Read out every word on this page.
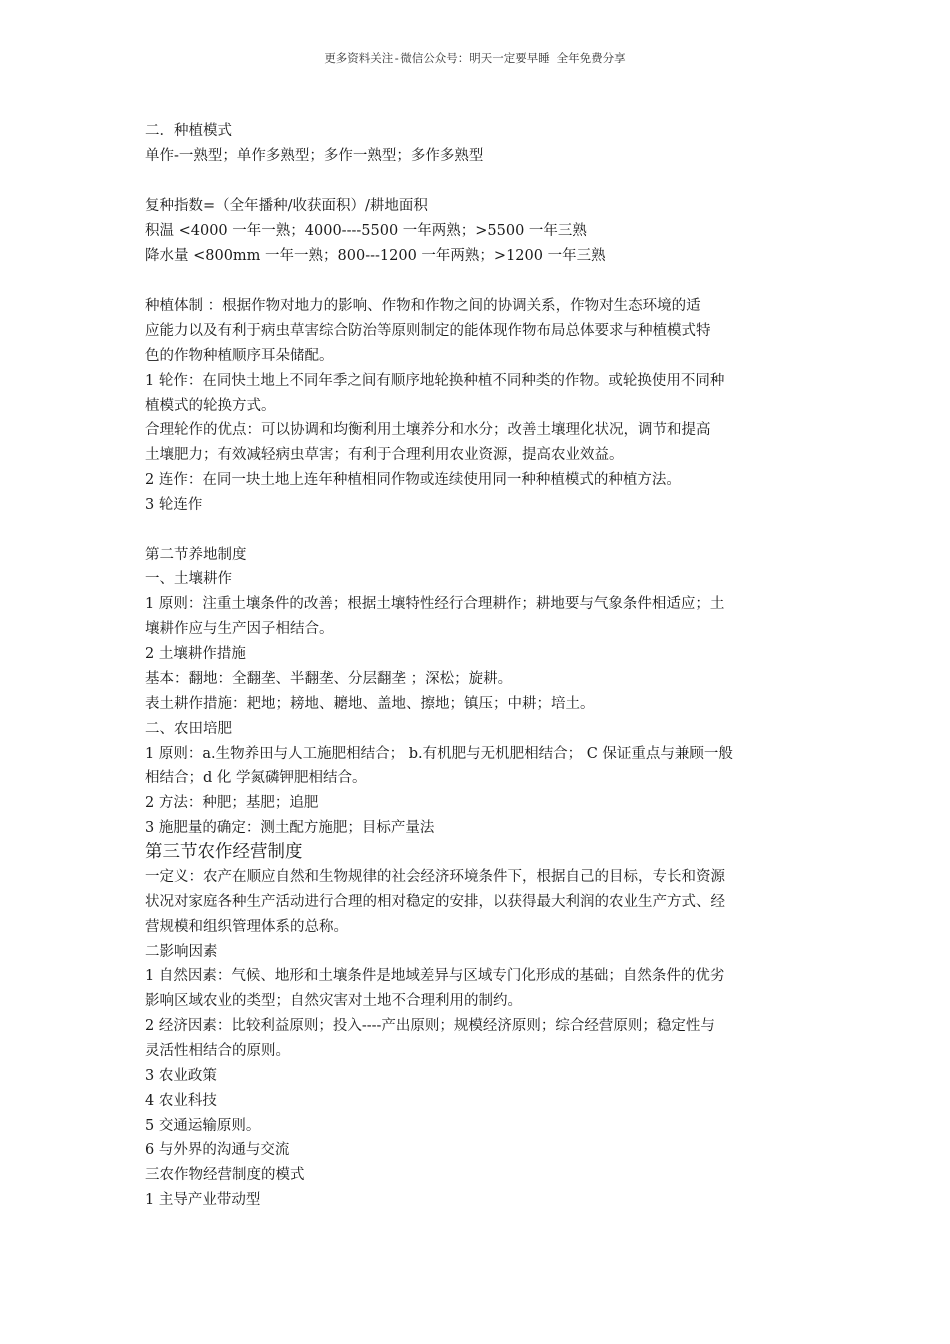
更多资料关注-微信公众号：明天一定要早睡 全年免费分享
二．种植模式
单作-一熟型；单作多熟型；多作一熟型；多作多熟型
复种指数=（全年播种/收获面积）/耕地面积
积温 <4000 一年一熟；4000----5500 一年两熟；>5500 一年三熟
降水量 <800mm 一年一熟；800---1200 一年两熟；>1200 一年三熟
种植体制 ：根据作物对地力的影响、作物和作物之间的协调关系，作物对生态环境的适
应能力以及有利于病虫草害综合防治等原则制定的能体现作物布局总体要求与种植模式特
色的作物种植顺序耳朵储配。
1 轮作：在同快土地上不同年季之间有顺序地轮换种植不同种类的作物。或轮换使用不同种
植模式的轮换方式。
合理轮作的优点：可以协调和均衡利用土壤养分和水分；改善土壤理化状况，调节和提高
土壤肥力；有效减轻病虫草害；有利于合理利用农业资源，提高农业效益。
2 连作：在同一块土地上连年种植相同作物或连续使用同一种种植模式的种植方法。
3 轮连作
第二节养地制度
一、土壤耕作
1 原则：注重土壤条件的改善；根据土壤特性经行合理耕作；耕地要与气象条件相适应；土
壤耕作应与生产因子相结合。
2 土壤耕作措施
基本：翻地：全翻垄、半翻垄、分层翻垄 ；深松；旋耕。
表土耕作措施：耙地；耪地、耱地、盖地、擦地；镇压；中耕；培土。
二、农田培肥
1 原则：a.生物养田与人工施肥相结合； b.有机肥与无机肥相结合； C 保证重点与兼顾一般
相结合；d 化 学氮磷钾肥相结合。
2 方法：种肥；基肥；追肥
3 施肥量的确定：测土配方施肥；目标产量法
第三节农作经营制度
一定义：农产在顺应自然和生物规律的社会经济环境条件下，根据自己的目标，专长和资源
状况对家庭各种生产活动进行合理的相对稳定的安排，以获得最大利润的农业生产方式、经
营规模和组织管理体系的总称。
二影响因素
1 自然因素：气候、地形和土壤条件是地域差异与区域专门化形成的基础；自然条件的优劣
影响区域农业的类型；自然灾害对土地不合理利用的制约。
2 经济因素：比较利益原则；投入----产出原则；规模经济原则；综合经营原则；稳定性与
灵活性相结合的原则。
3 农业政策
4 农业科技
5 交通运输原则。
6 与外界的沟通与交流
三农作物经营制度的模式
1 主导产业带动型
